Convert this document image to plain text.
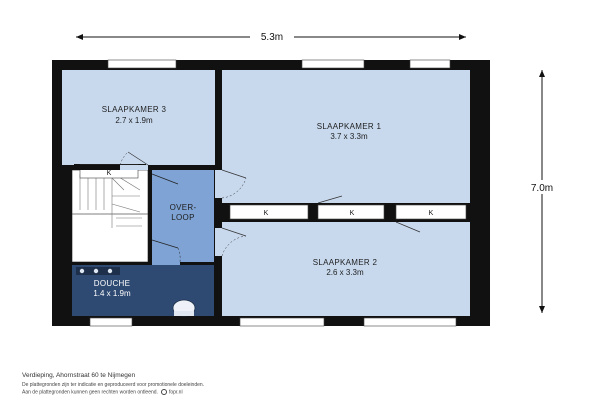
5.3m
7.0m
K	K	K
K
SLAAPKAMER 3
2.7 x 1.9m
SLAAPKAMER 1
3.7 x 3.3m
OVER-
LOOP
SLAAPKAMER 2
2.6 x 3.3m
DOUCHE
1.4 x 1.9m

Verdieping, Ahornstraat 60 te Nijmegen

De plattegronden zijn ter indicatie en geproduceerd voor promotionele doeleinden.

Aan de plattegronden kunnen geen rechten worden ontleend. fopr.nl
